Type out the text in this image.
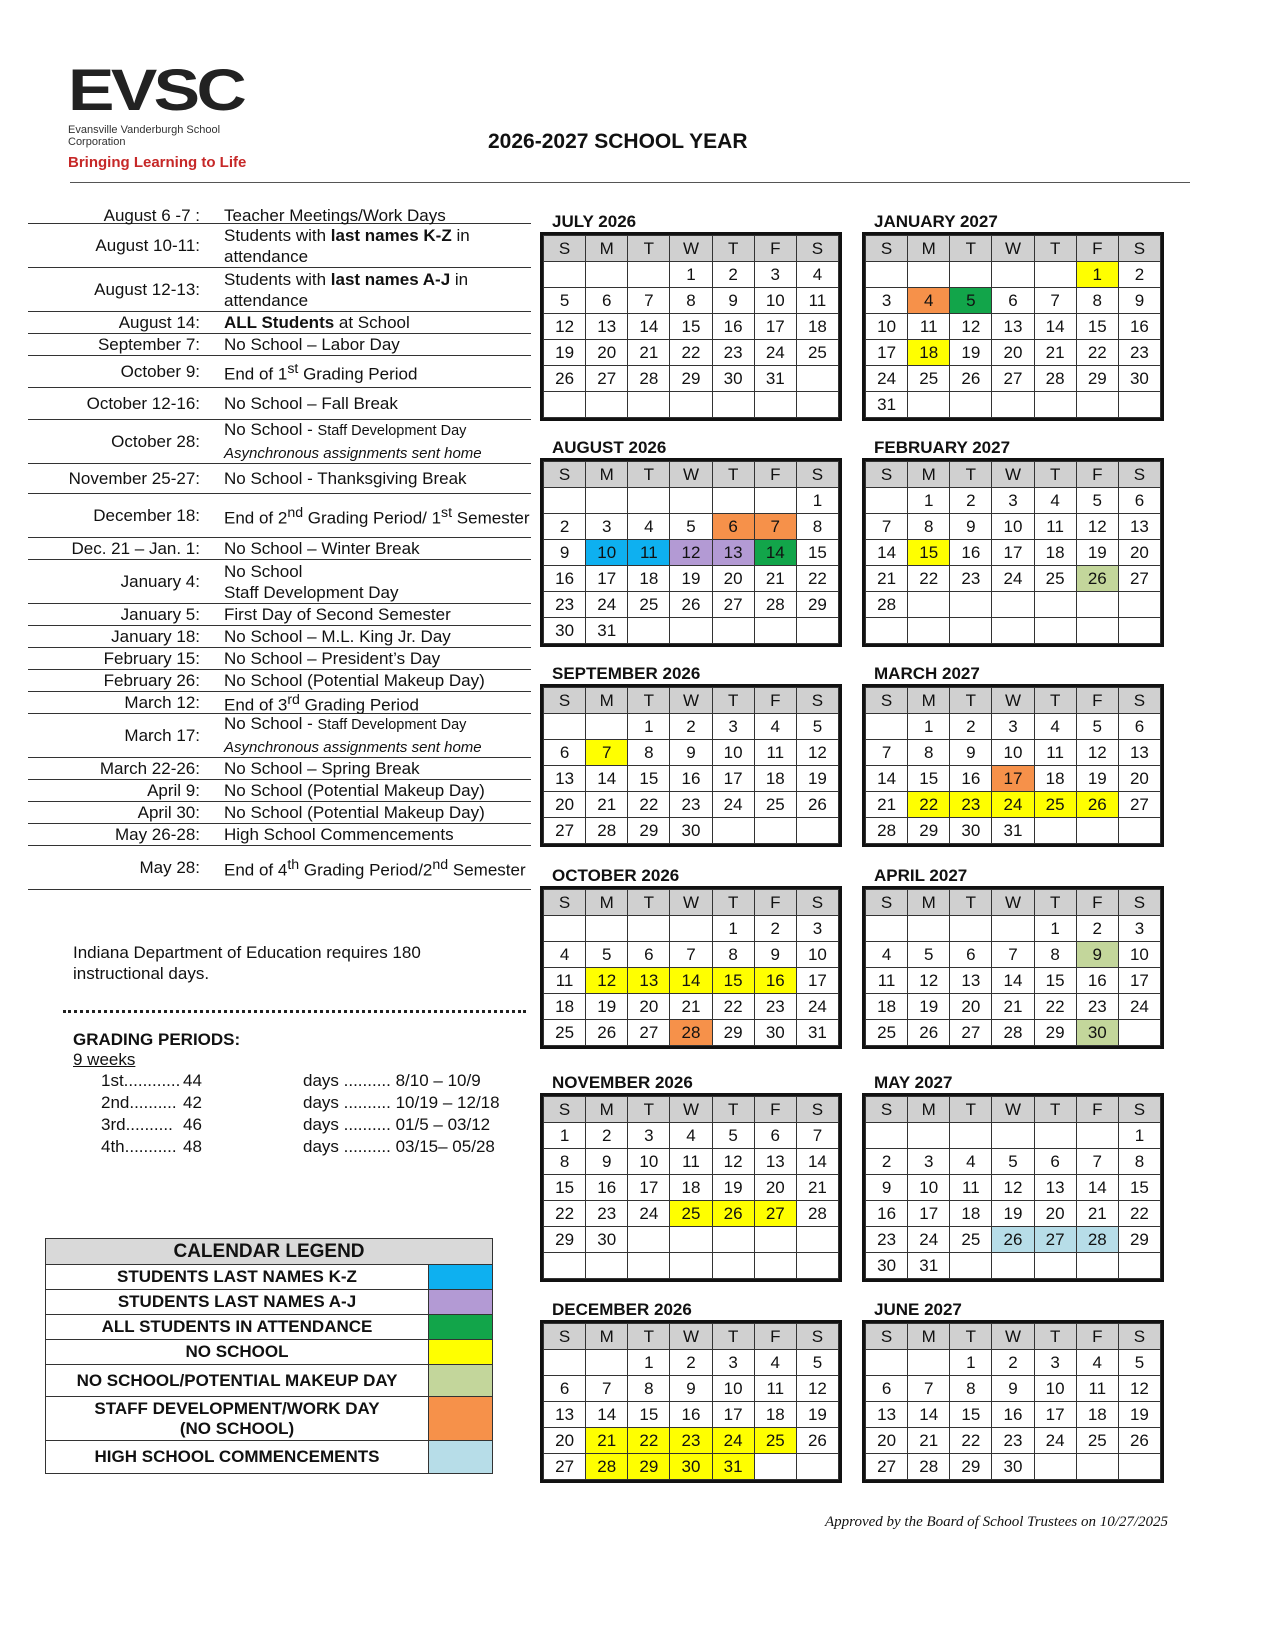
EVSC
Evansville Vanderburgh School Corporation
Bringing Learning to Life
2026-2027 SCHOOL YEAR
August 6 -7 :	Teacher Meetings/Work Days
August 10-11:
Students with last names K-Z in attendance
August 12-13:
Students with last names A-J in attendance
August 14:	ALL Students at School
September 7:	No School – Labor Day
October 9:	End of 1st Grading Period
October 12-16:	No School – Fall Break
October 28:
No School - Staff Development Day
Asynchronous assignments sent home
November 25-27:	No School - Thanksgiving Break
December 18:	End of 2nd Grading Period/ 1st Semester
Dec. 21 – Jan. 1:	No School – Winter Break
January 4:
No School
Staff Development Day
January 5:	First Day of Second Semester
January 18:	No School – M.L. King Jr. Day
February 15:	No School – President’s Day
February 26:	No School (Potential Makeup Day)
March 12:	End of 3rd Grading Period
March 17:
No School - Staff Development Day
Asynchronous assignments sent home
March 22-26:	No School – Spring Break
April 9:	No School (Potential Makeup Day)
April 30:	No School (Potential Makeup Day)
May 26-28:	High School Commencements
May 28:	End of 4th Grading Period/2nd Semester
Indiana Department of Education requires 180 instructional days.
GRADING PERIODS:
9 weeks
1st............ 44	days .......... 8/10 – 10/9
2nd.......... 42	days .......... 10/19 – 12/18
3rd.......... 46	days .......... 01/5 – 03/12
4th........... 48	days .......... 03/15– 05/28
CALENDAR LEGEND	
STUDENTS LAST NAMES K-Z	
STUDENTS LAST NAMES A-J	
ALL STUDENTS IN ATTENDANCE	
NO SCHOOL	
NO SCHOOL/POTENTIAL MAKEUP DAY	
STAFF DEVELOPMENT/WORK DAY
(NO SCHOOL)	
HIGH SCHOOL COMMENCEMENTS	
JULY 2026
S	M	T	W	T	F	S
			1	2	3	4
5	6	7	8	9	10	11
12	13	14	15	16	17	18
19	20	21	22	23	24	25
26	27	28	29	30	31	

AUGUST 2026
S	M	T	W	T	F	S
						1
2	3	4	5	6	7	8
9	10	11	12	13	14	15
16	17	18	19	20	21	22
23	24	25	26	27	28	29
30	31					
SEPTEMBER 2026
S	M	T	W	T	F	S
		1	2	3	4	5
6	7	8	9	10	11	12
13	14	15	16	17	18	19
20	21	22	23	24	25	26
27	28	29	30			
OCTOBER 2026
S	M	T	W	T	F	S
				1	2	3
4	5	6	7	8	9	10
11	12	13	14	15	16	17
18	19	20	21	22	23	24
25	26	27	28	29	30	31
NOVEMBER 2026
S	M	T	W	T	F	S
1	2	3	4	5	6	7
8	9	10	11	12	13	14
15	16	17	18	19	20	21
22	23	24	25	26	27	28
29	30					

DECEMBER 2026
S	M	T	W	T	F	S
		1	2	3	4	5
6	7	8	9	10	11	12
13	14	15	16	17	18	19
20	21	22	23	24	25	26
27	28	29	30	31		
JANUARY 2027
S	M	T	W	T	F	S
					1	2
3	4	5	6	7	8	9
10	11	12	13	14	15	16
17	18	19	20	21	22	23
24	25	26	27	28	29	30
31						
FEBRUARY 2027
S	M	T	W	T	F	S
	1	2	3	4	5	6
7	8	9	10	11	12	13
14	15	16	17	18	19	20
21	22	23	24	25	26	27
28						

MARCH 2027
S	M	T	W	T	F	S
	1	2	3	4	5	6
7	8	9	10	11	12	13
14	15	16	17	18	19	20
21	22	23	24	25	26	27
28	29	30	31			
APRIL 2027
S	M	T	W	T	F	S
				1	2	3
4	5	6	7	8	9	10
11	12	13	14	15	16	17
18	19	20	21	22	23	24
25	26	27	28	29	30	
MAY 2027
S	M	T	W	T	F	S
						1
2	3	4	5	6	7	8
9	10	11	12	13	14	15
16	17	18	19	20	21	22
23	24	25	26	27	28	29
30	31					
JUNE 2027
S	M	T	W	T	F	S
		1	2	3	4	5
6	7	8	9	10	11	12
13	14	15	16	17	18	19
20	21	22	23	24	25	26
27	28	29	30			
Approved by the Board of School Trustees on 10/27/2025
